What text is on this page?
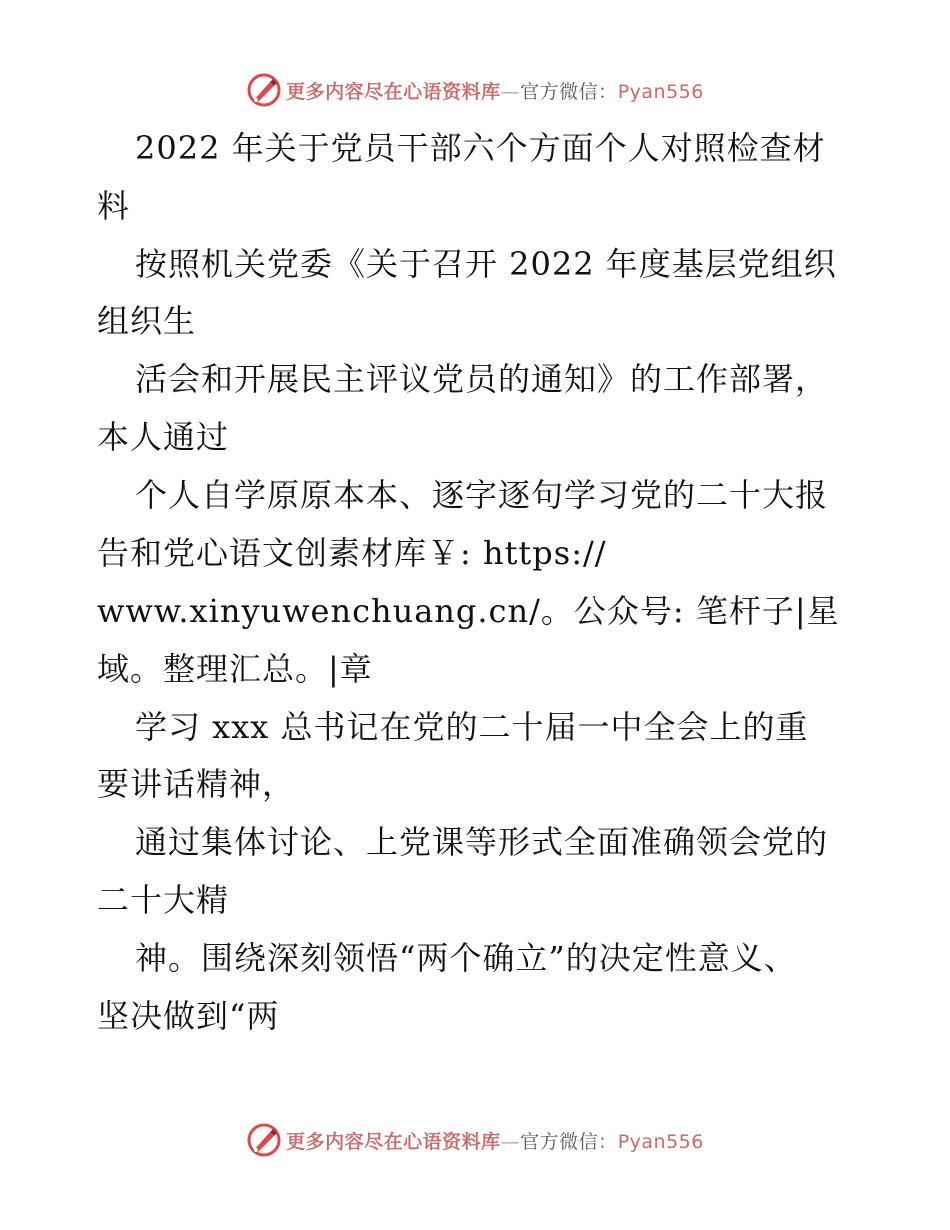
更多内容尽在心语资料库—官方微信：Pyan556
2022 年关于党员干部六个方面个人对照检查材
料
按照机关党委《关于召开 2022 年度基层党组织
组织生
活会和开展民主评议党员的通知》的工作部署，
本人通过
个人自学原原本本、逐字逐句学习党的二十大报
告和党心语文创素材库￥: https://
www.xinyuwenchuang.cn/。公众号: 笔杆子|星
域。整理汇总。|章
学习 xxx 总书记在党的二十届一中全会上的重
要讲话精神，
通过集体讨论、上党课等形式全面准确领会党的
二十大精
神。围绕深刻领悟“两个确立”的决定性意义、
坚决做到“两
更多内容尽在心语资料库—官方微信：Pyan556
